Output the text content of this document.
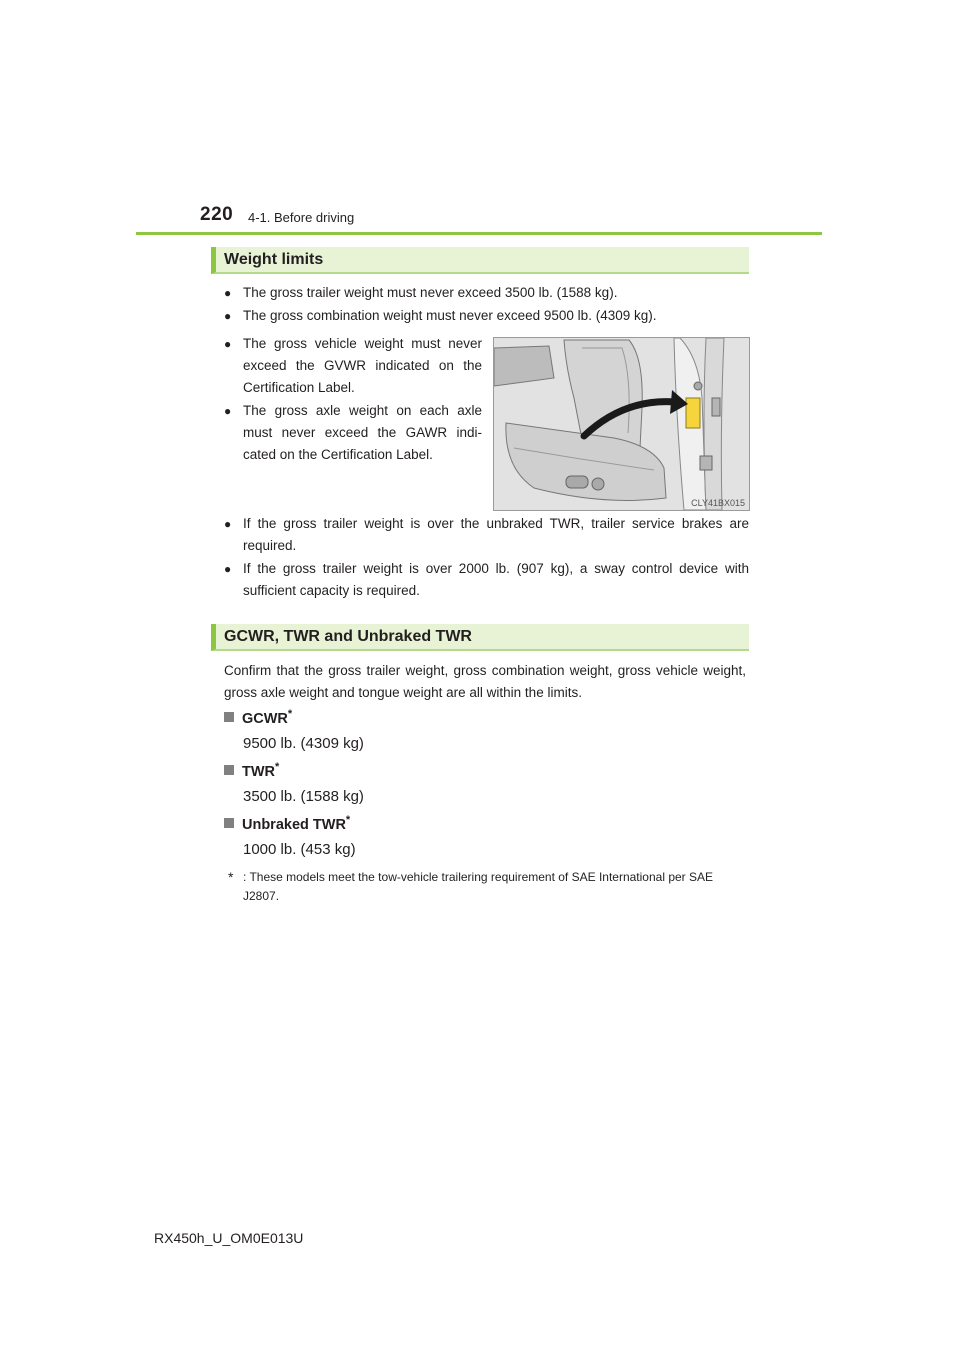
220 4-1. Before driving
Weight limits
● The gross trailer weight must never exceed 3500 lb. (1588 kg).
● The gross combination weight must never exceed 9500 lb. (4309 kg).
● The gross vehicle weight must never
exceed the GVWR indicated on the
Certification Label.
● The gross axle weight on each axle
must never exceed the GAWR indi-
cated on the Certification Label.
CLY41BX015
● If the gross trailer weight is over the unbraked TWR, trailer service brakes are
required.
● If the gross trailer weight is over 2000 lb. (907 kg), a sway control device with
sufficient capacity is required.
GCWR, TWR and Unbraked TWR
Confirm that the gross trailer weight, gross combination weight, gross vehicle weight, gross axle weight and tongue weight are all within the limits.
GCWR*
9500 lb. (4309 kg)
TWR*
3500 lb. (1588 kg)
Unbraked TWR*
1000 lb. (453 kg)
* : These models meet the tow-vehicle trailering requirement of SAE International per SAE J2807.
RX450h_U_OM0E013U
